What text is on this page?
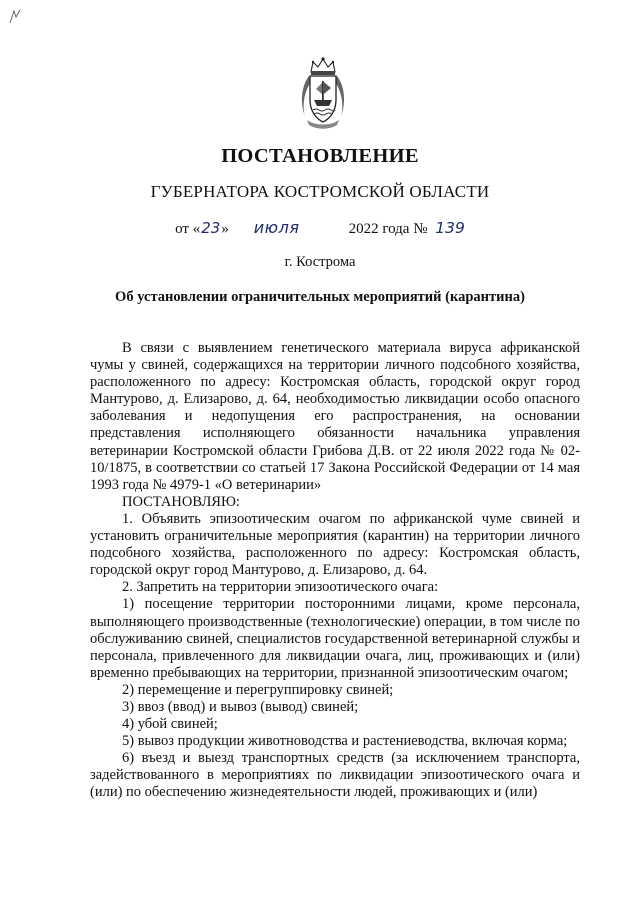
ПОСТАНОВЛЕНИЕ
ГУБЕРНАТОРА КОСТРОМСКОЙ ОБЛАСТИ
от «23» июля	2022 года № 139
г. Кострома
Об установлении ограничительных мероприятий (карантина)

В связи с выявлением генетического материала вируса африканской чумы у свиней, содержащихся на территории личного подсобного хозяйства, расположенного по адресу: Костромская область, городской округ город Мантурово, д. Елизарово, д. 64, необходимостью ликвидации особо опасного заболевания и недопущения его распространения, на основании представления исполняющего обязанности начальника управления ветеринарии Костромской области Грибова Д.В. от 22 июля 2022 года № 02-10/1875, в соответствии со статьей 17 Закона Российской Федерации от 14 мая 1993 года № 4979-1 «О ветеринарии»

ПОСТАНОВЛЯЮ:

1. Объявить эпизоотическим очагом по африканской чуме свиней и установить ограничительные мероприятия (карантин) на территории личного подсобного хозяйства, расположенного по адресу: Костромская область, городской округ город Мантурово, д. Елизарово, д. 64.

2. Запретить на территории эпизоотического очага:

1) посещение территории посторонними лицами, кроме персонала, выполняющего производственные (технологические) операции, в том числе по обслуживанию свиней, специалистов государственной ветеринарной службы и персонала, привлеченного для ликвидации очага, лиц, проживающих и (или) временно пребывающих на территории, признанной эпизоотическим очагом;

2) перемещение и перегруппировку свиней;

3) ввоз (ввод) и вывоз (вывод) свиней;

4) убой свиней;

5) вывоз продукции животноводства и растениеводства, включая корма;

6) въезд и выезд транспортных средств (за исключением транспорта, задействованного в мероприятиях по ликвидации эпизоотического очага и (или) по обеспечению жизнедеятельности людей, проживающих и (или)
